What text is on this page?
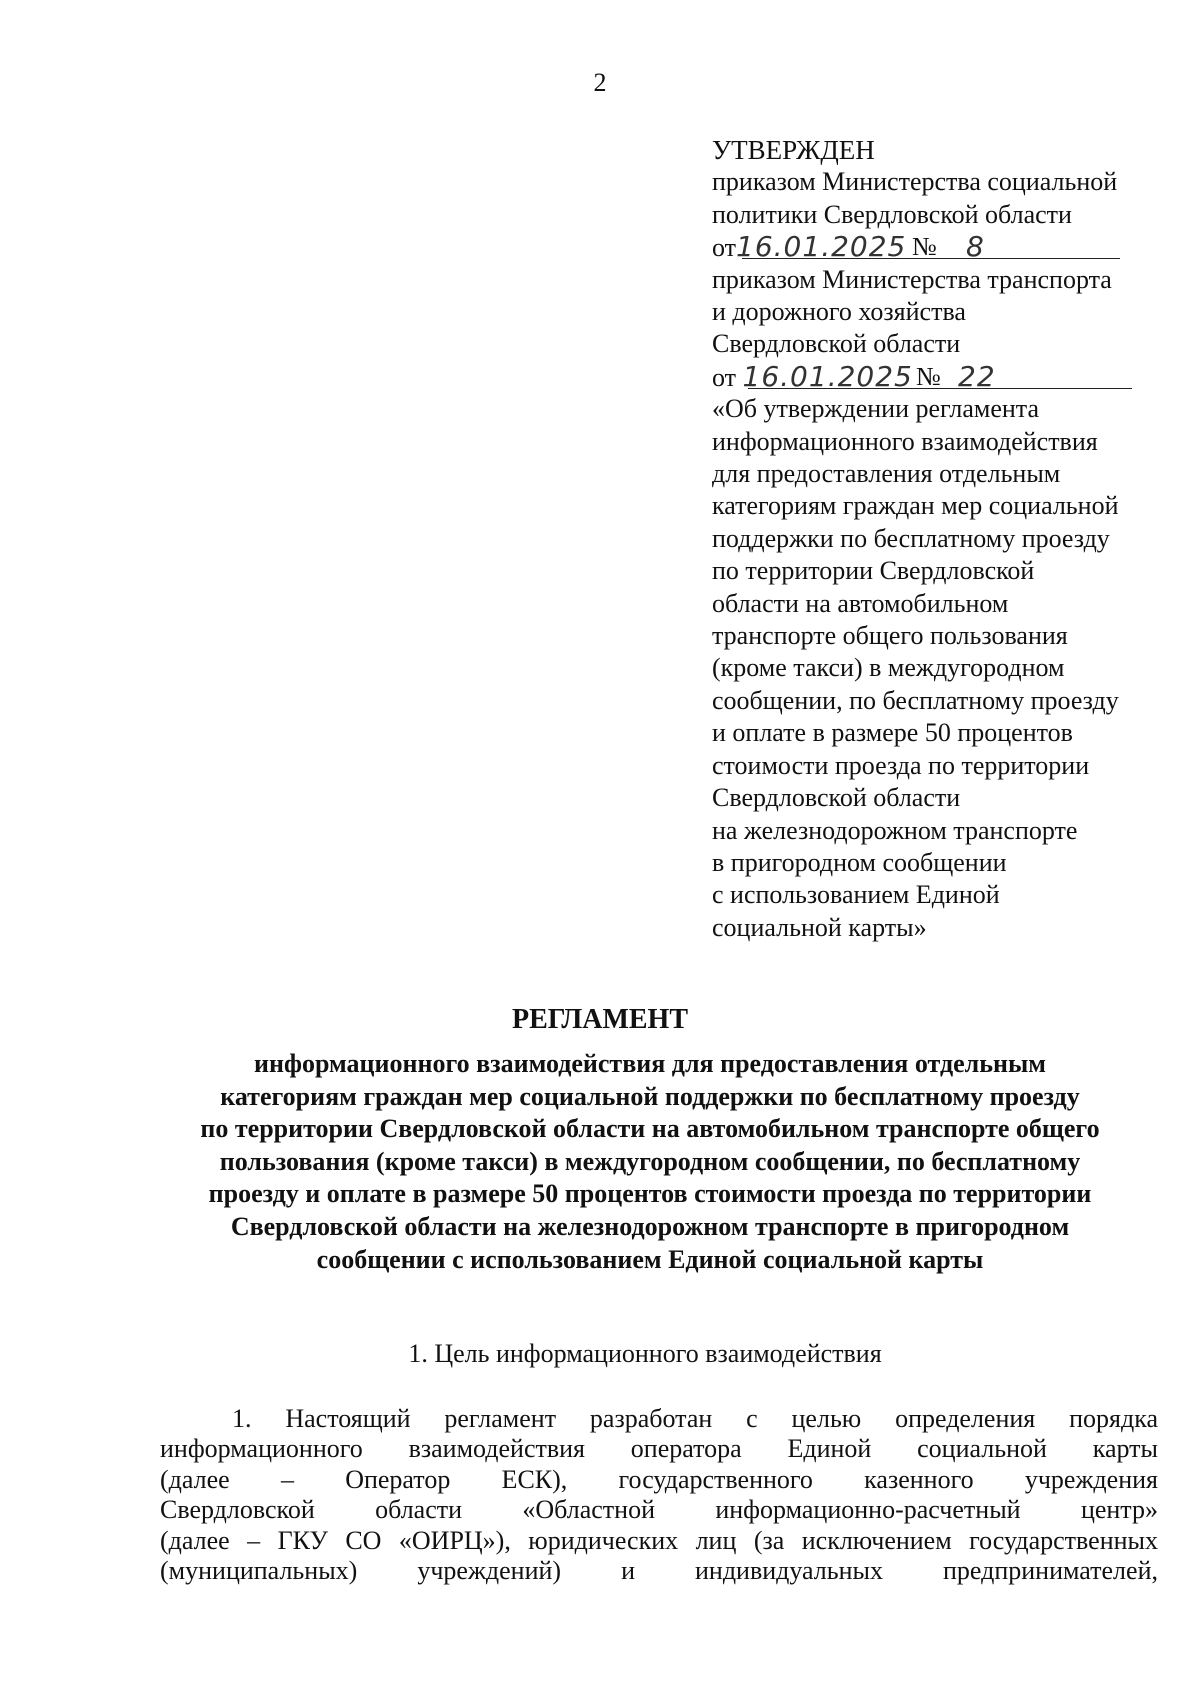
2
УТВЕРЖДЕН
приказом Министерства социальной
политики Свердловской области
от16.01.2025 № 8
приказом Министерства транспорта
и дорожного хозяйства
Свердловской области
от 16.01.2025 № 22
«Об утверждении регламента
информационного взаимодействия
для предоставления отдельным
категориям граждан мер социальной
поддержки по бесплатному проезду
по территории Свердловской
области на автомобильном
транспорте общего пользования
(кроме такси) в междугородном
сообщении, по бесплатному проезду
и оплате в размере 50 процентов
стоимости проезда по территории
Свердловской области
на железнодорожном транспорте
в пригородном сообщении
с использованием Единой
социальной карты»
РЕГЛАМЕНТ
информационного взаимодействия для предоставления отдельным
категориям граждан мер социальной поддержки по бесплатному проезду
по территории Свердловской области на автомобильном транспорте общего
пользования (кроме такси) в междугородном сообщении, по бесплатному
проезду и оплате в размере 50 процентов стоимости проезда по территории
Свердловской области на железнодорожном транспорте в пригородном
сообщении с использованием Единой социальной карты
1. Цель информационного взаимодействия
1. Настоящий регламент разработан с целью определения порядка
информационного взаимодействия оператора Единой социальной карты
(далее – Оператор ЕСК), государственного казенного учреждения
Свердловской области «Областной информационно-расчетный центр»
(далее – ГКУ СО «ОИРЦ»), юридических лиц (за исключением государственных
(муниципальных) учреждений) и индивидуальных предпринимателей,
